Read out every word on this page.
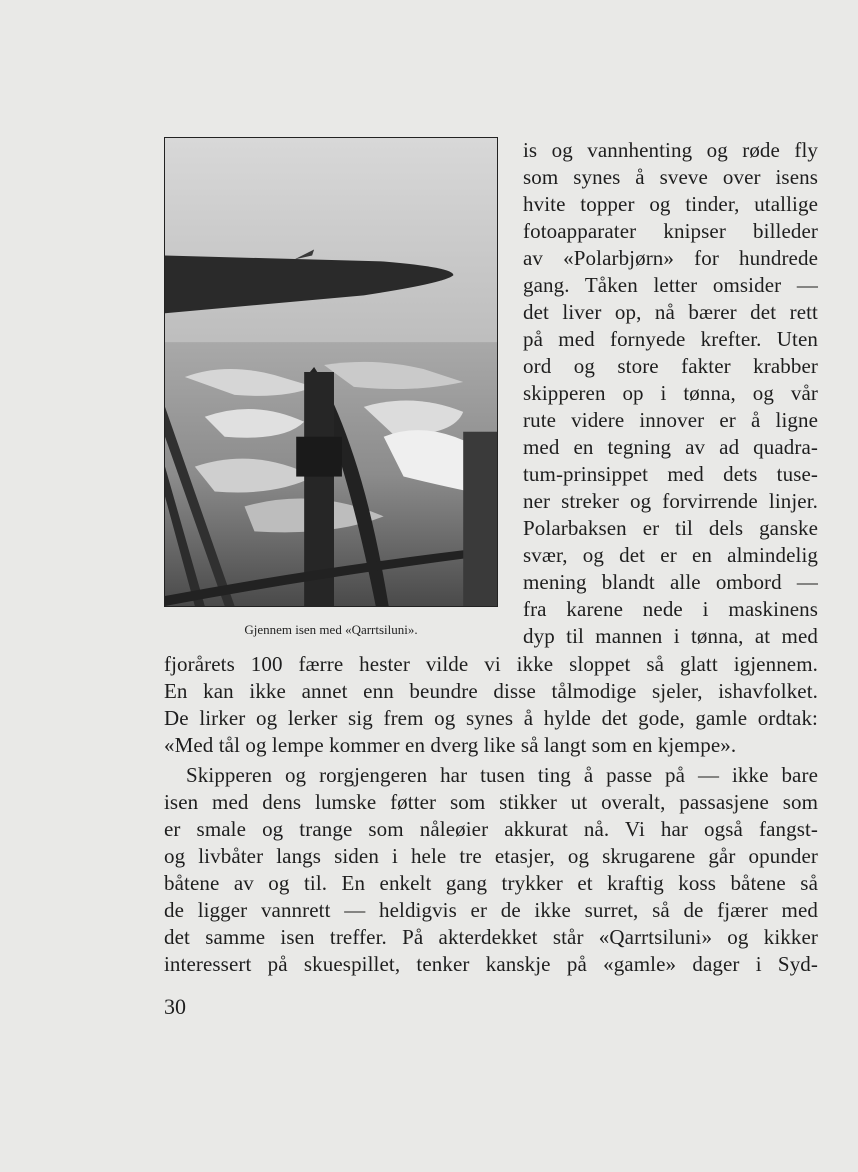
Gjennem isen med «Qarrtsiluni».
is og vannhenting og røde fly
som synes å sveve over isens
hvite topper og tinder, utallige
fotoapparater knipser billeder
av «Polarbjørn» for hundrede
gang. Tåken letter omsider —
det liver op, nå bærer det rett
på med fornyede krefter. Uten
ord og store fakter krabber
skipperen op i tønna, og vår
rute videre innover er å ligne
med en tegning av ad quadra-
tum-prinsippet med dets tuse-
ner streker og forvirrende linjer.
Polarbaksen er til dels ganske
svær, og det er en almindelig
mening blandt alle ombord —
fra karene nede i maskinens
dyp til mannen i tønna, at med
fjorårets 100 færre hester vilde vi ikke sloppet så glatt igjennem.
En kan ikke annet enn beundre disse tålmodige sjeler, ishavfolket.
De lirker og lerker sig frem og synes å hylde det gode, gamle ordtak:
«Med tål og lempe kommer en dverg like så langt som en kjempe».
Skipperen og rorgjengeren har tusen ting å passe på — ikke bare
isen med dens lumske føtter som stikker ut overalt, passasjene som
er smale og trange som nåleøier akkurat nå. Vi har også fangst-
og livbåter langs siden i hele tre etasjer, og skrugarene går opunder
båtene av og til. En enkelt gang trykker et kraftig koss båtene så
de ligger vannrett — heldigvis er de ikke surret, så de fjærer med
det samme isen treffer. På akterdekket står «Qarrtsiluni» og kikker
interessert på skuespillet, tenker kanskje på «gamle» dager i Syd-
30
